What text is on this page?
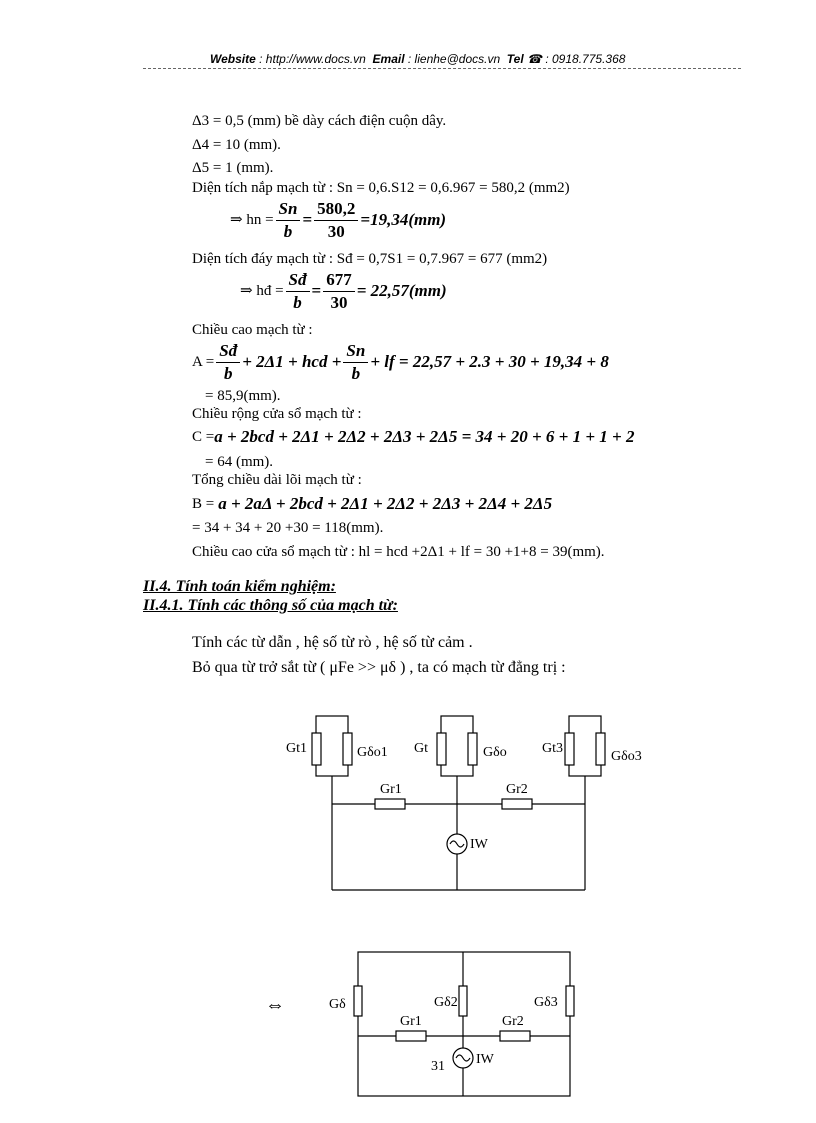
Website : http://www.docs.vn Email : lienhe@docs.vn Tel ☎ : 0918.775.368
Δ3 = 0,5 (mm) bề dày cách điện cuộn dây.
Δ4 = 10 (mm).
Δ5 = 1 (mm).
Diện tích nắp mạch từ : Sn = 0,6.S12 = 0,6.967 = 580,2 (mm2)
⇒ hn = $\frac{Sn}{b} = \frac{580,2}{30} =19,34(mm)$
Diện tích đáy mạch từ : Sđ = 0,7S1 = 0,7.967 = 677 (mm2)
⇒ hđ = $\frac{Sđ}{b} = \frac{677}{30} = 22,57(mm)$
Chiều cao mạch từ :
$A = \frac{Sđ}{b} + 2\Delta 1$ + hcd + $\frac{Sn}{b}$ + lf = 22,57 + 2.3 + 30 + 19,34 + 8
= 85,9(mm).
Chiều rộng cửa sổ mạch từ :
C = a + 2bcd + 2Δ1 + 2Δ2 + 2Δ3 + 2Δ5 = 34 + 20 + 6 + 1 + 1 + 2
= 64 (mm).
Tổng chiều dài lõi mạch từ :
B = a + 2aΔ + 2bcd + 2Δ1 + 2Δ2 + 2Δ3 + 2Δ4 + 2Δ5
= 34 + 34 + 20 +30 = 118(mm).
Chiều cao cửa sổ mạch từ : hl = hcd +2Δ1 + lf = 30 +1+8 = 39(mm).
II.4. Tính toán kiểm nghiệm:
II.4.1. Tính các thông số của mạch từ:
Tính các từ dẫn , hệ số từ rò , hệ số từ cảm .
Bỏ qua từ trở sắt từ ( μFe >> μδ ) , ta có mạch từ đẳng trị :
Gt1	Gδo1 Gt	Gδo	Gt3
Gδo3
Gr1	Gr2
IW
⇔	Gδ	Gδ2	Gδ3
Gr1	Gr2
IW
31
